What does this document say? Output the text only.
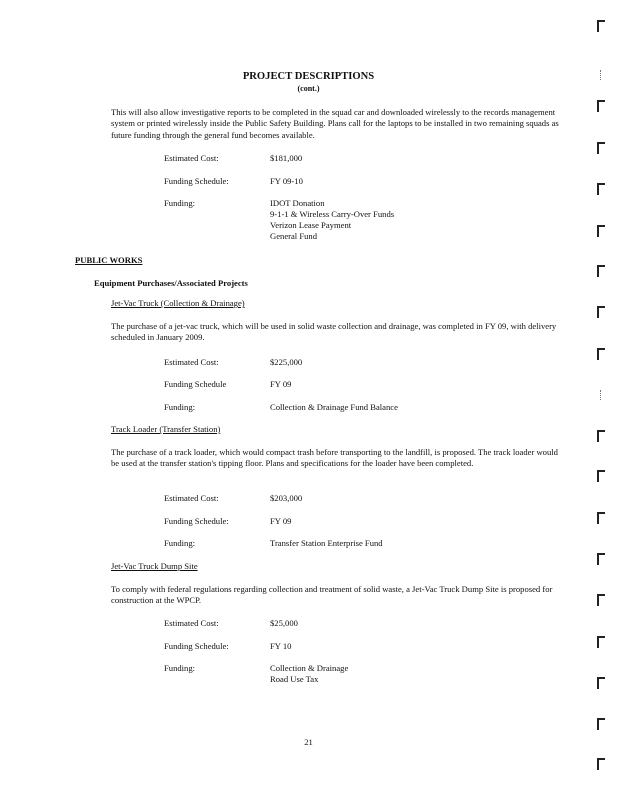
PROJECT DESCRIPTIONS
(cont.)
This will also allow investigative reports to be completed in the squad car and downloaded wirelessly to the records management system or printed wirelessly inside the Public Safety Building. Plans call for the laptops to be installed in two remaining squads as future funding through the general fund becomes available.
Estimated Cost:	$181,000
Funding Schedule:	FY 09-10
Funding:	IDOT Donation
9-1-1 & Wireless Carry-Over Funds
Verizon Lease Payment
General Fund
PUBLIC WORKS
Equipment Purchases/Associated Projects
Jet-Vac Truck (Collection & Drainage)
The purchase of a jet-vac truck, which will be used in solid waste collection and drainage, was completed in FY 09, with delivery scheduled in January 2009.
Estimated Cost:	$225,000
Funding Schedule	FY 09
Funding:	Collection & Drainage Fund Balance
Track Loader (Transfer Station)
The purchase of a track loader, which would compact trash before transporting to the landfill, is proposed. The track loader would be used at the transfer station's tipping floor. Plans and specifications for the loader have been completed.
Estimated Cost:	$203,000
Funding Schedule:	FY 09
Funding:	Transfer Station Enterprise Fund
Jet-Vac Truck Dump Site
To comply with federal regulations regarding collection and treatment of solid waste, a Jet-Vac Truck Dump Site is proposed for construction at the WPCP.
Estimated Cost:	$25,000
Funding Schedule:	FY 10
Funding:	Collection & Drainage
Road Use Tax
21
